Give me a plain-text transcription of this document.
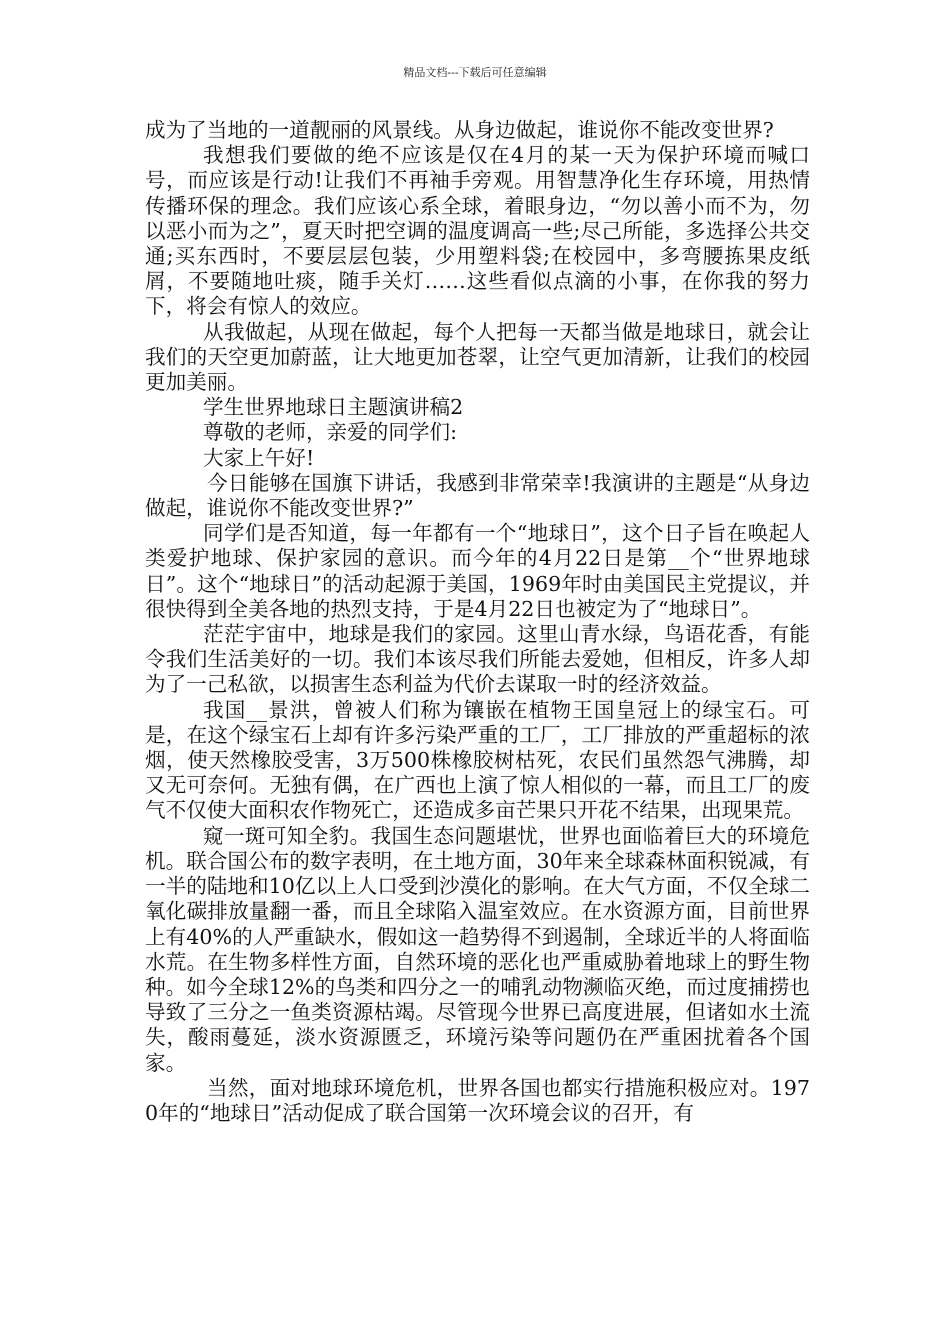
精品文档---下载后可任意编辑

成为了当地的一道靓丽的风景线。从身边做起，谁说你不能改变世界?

我想我们要做的绝不应该是仅在4月的某一天为保护环境而喊口号，而应该是行动!让我们不再袖手旁观。用智慧净化生存环境，用热情传播环保的理念。我们应该心系全球，着眼身边，“勿以善小而不为，勿以恶小而为之”，夏天时把空调的温度调高一些;尽己所能，多选择公共交通;买东西时，不要层层包装，少用塑料袋;在校园中，多弯腰拣果皮纸屑，不要随地吐痰，随手关灯……这些看似点滴的小事，在你我的努力下，将会有惊人的效应。

从我做起，从现在做起，每个人把每一天都当做是地球日，就会让我们的天空更加蔚蓝，让大地更加苍翠，让空气更加清新，让我们的校园更加美丽。

学生世界地球日主题演讲稿2

尊敬的老师，亲爱的同学们:

大家上午好!

今日能够在国旗下讲话，我感到非常荣幸!我演讲的主题是“从身边做起，谁说你不能改变世界?”

同学们是否知道，每一年都有一个“地球日”，这个日子旨在唤起人类爱护地球、保护家园的意识。而今年的4月22日是第__个“世界地球日”。这个“地球日”的活动起源于美国，1969年时由美国民主党提议，并很快得到全美各地的热烈支持，于是4月22日也被定为了“地球日”。

茫茫宇宙中，地球是我们的家园。这里山青水绿，鸟语花香，有能令我们生活美好的一切。我们本该尽我们所能去爱她，但相反，许多人却为了一己私欲，以损害生态利益为代价去谋取一时的经济效益。

我国__景洪，曾被人们称为镶嵌在植物王国皇冠上的绿宝石。可是，在这个绿宝石上却有许多污染严重的工厂，工厂排放的严重超标的浓烟，使天然橡胶受害，3万500株橡胶树枯死，农民们虽然怨气沸腾，却又无可奈何。无独有偶，在广西也上演了惊人相似的一幕，而且工厂的废气不仅使大面积农作物死亡，还造成多亩芒果只开花不结果，出现果荒。

窥一斑可知全豹。我国生态问题堪忧，世界也面临着巨大的环境危机。联合国公布的数字表明，在土地方面，30年来全球森林面积锐减，有一半的陆地和10亿以上人口受到沙漠化的影响。在大气方面，不仅全球二氧化碳排放量翻一番，而且全球陷入温室效应。在水资源方面，目前世界上有40%的人严重缺水，假如这一趋势得不到遏制，全球近半的人将面临水荒。在生物多样性方面，自然环境的恶化也严重威胁着地球上的野生物种。如今全球12%的鸟类和四分之一的哺乳动物濒临灭绝，而过度捕捞也导致了三分之一鱼类资源枯竭。尽管现今世界已高度进展，但诸如水土流失，酸雨蔓延，淡水资源匮乏，环境污染等问题仍在严重困扰着各个国家。

当然，面对地球环境危机，世界各国也都实行措施积极应对。1970年的“地球日”活动促成了联合国第一次环境会议的召开，有
